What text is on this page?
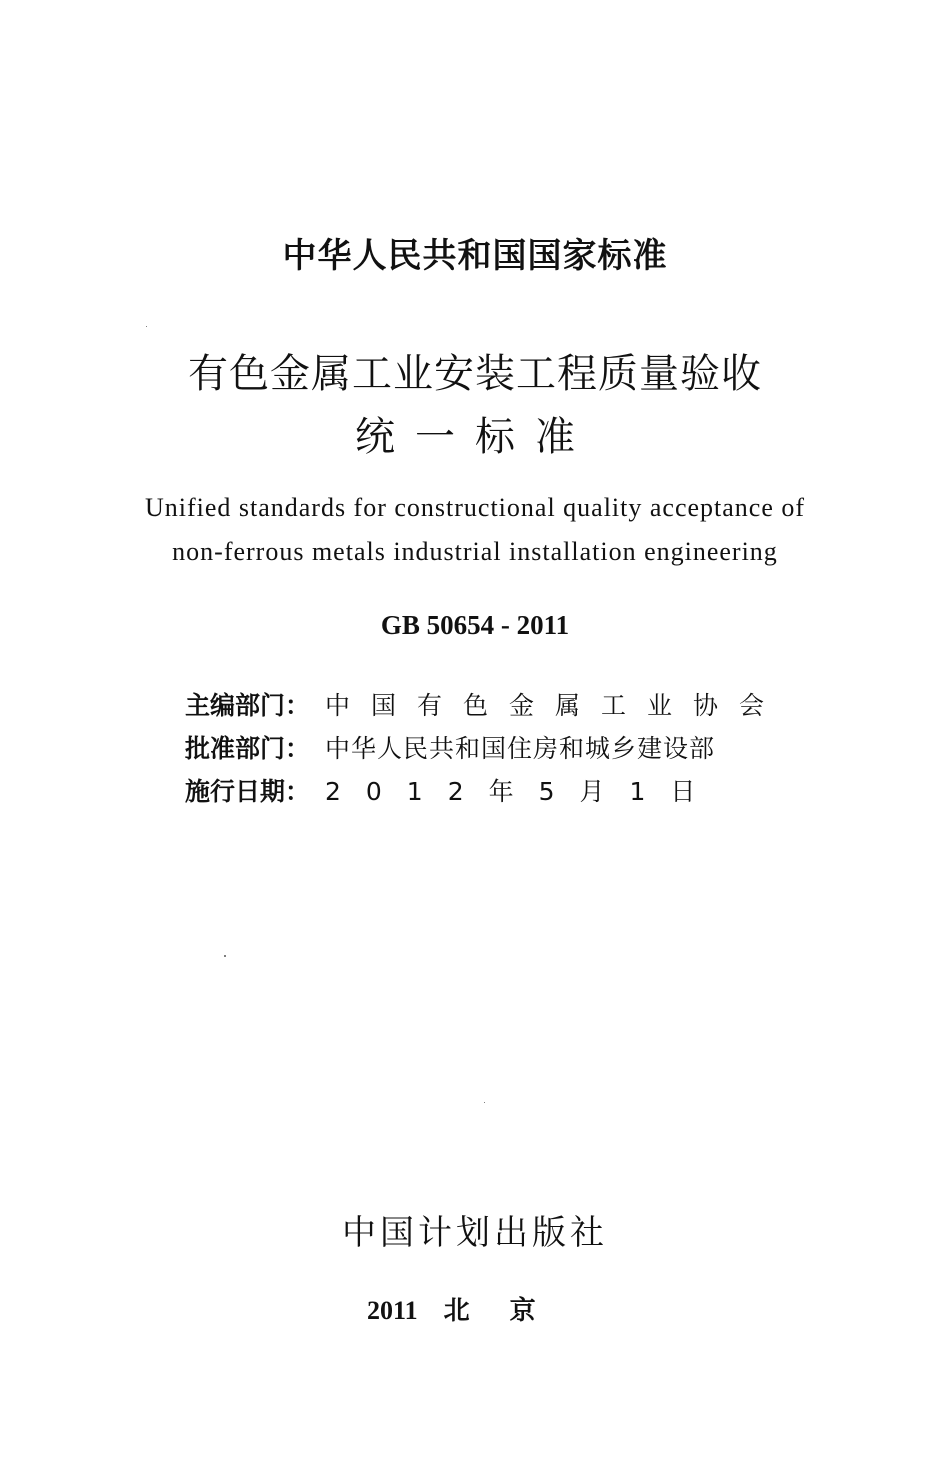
中华人民共和国国家标准
有色金属工业安装工程质量验收
统一标准
Unified standards for constructional quality acceptance of
non-ferrous metals industrial installation engineering
GB 50654 - 2011
主编部门： 中国有色金属工业协会
批准部门： 中华人民共和国住房和城乡建设部
施行日期： 2012年5月1日
中国计划出版社
2011 北京
